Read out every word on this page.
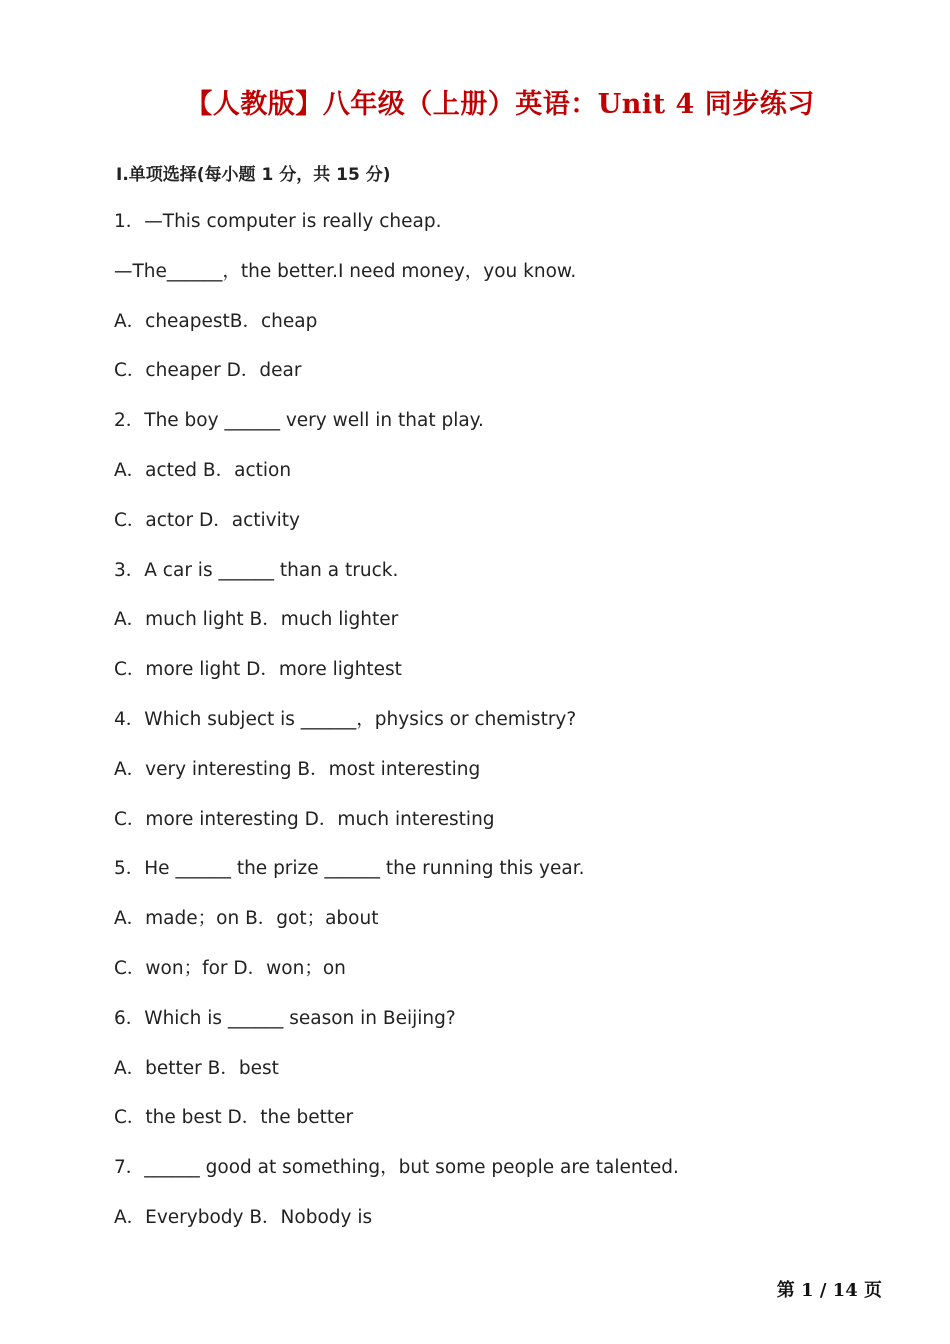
【人教版】八年级（上册）英语：Unit 4 同步练习
Ⅰ.单项选择(每小题 1 分，共 15 分)
1．—This computer is really cheap.
—The______，the better.I need money，you know.
A．cheapestB．cheap
C．cheaper D．dear
2．The boy ______ very well in that play.
A．acted B．action
C．actor D．activity
3．A car is ______ than a truck.
A．much light B．much lighter
C．more light D．more lightest
4．Which subject is ______，physics or chemistry?
A．very interesting B．most interesting
C．more interesting D．much interesting
5．He ______ the prize ______ the running this year.
A．made；on B．got；about
C．won；for D．won；on
6．Which is ______ season in Beijing?
A．better B．best
C．the best D．the better
7．______ good at something，but some people are talented.
A．Everybody B．Nobody is
第 1 / 14 页
